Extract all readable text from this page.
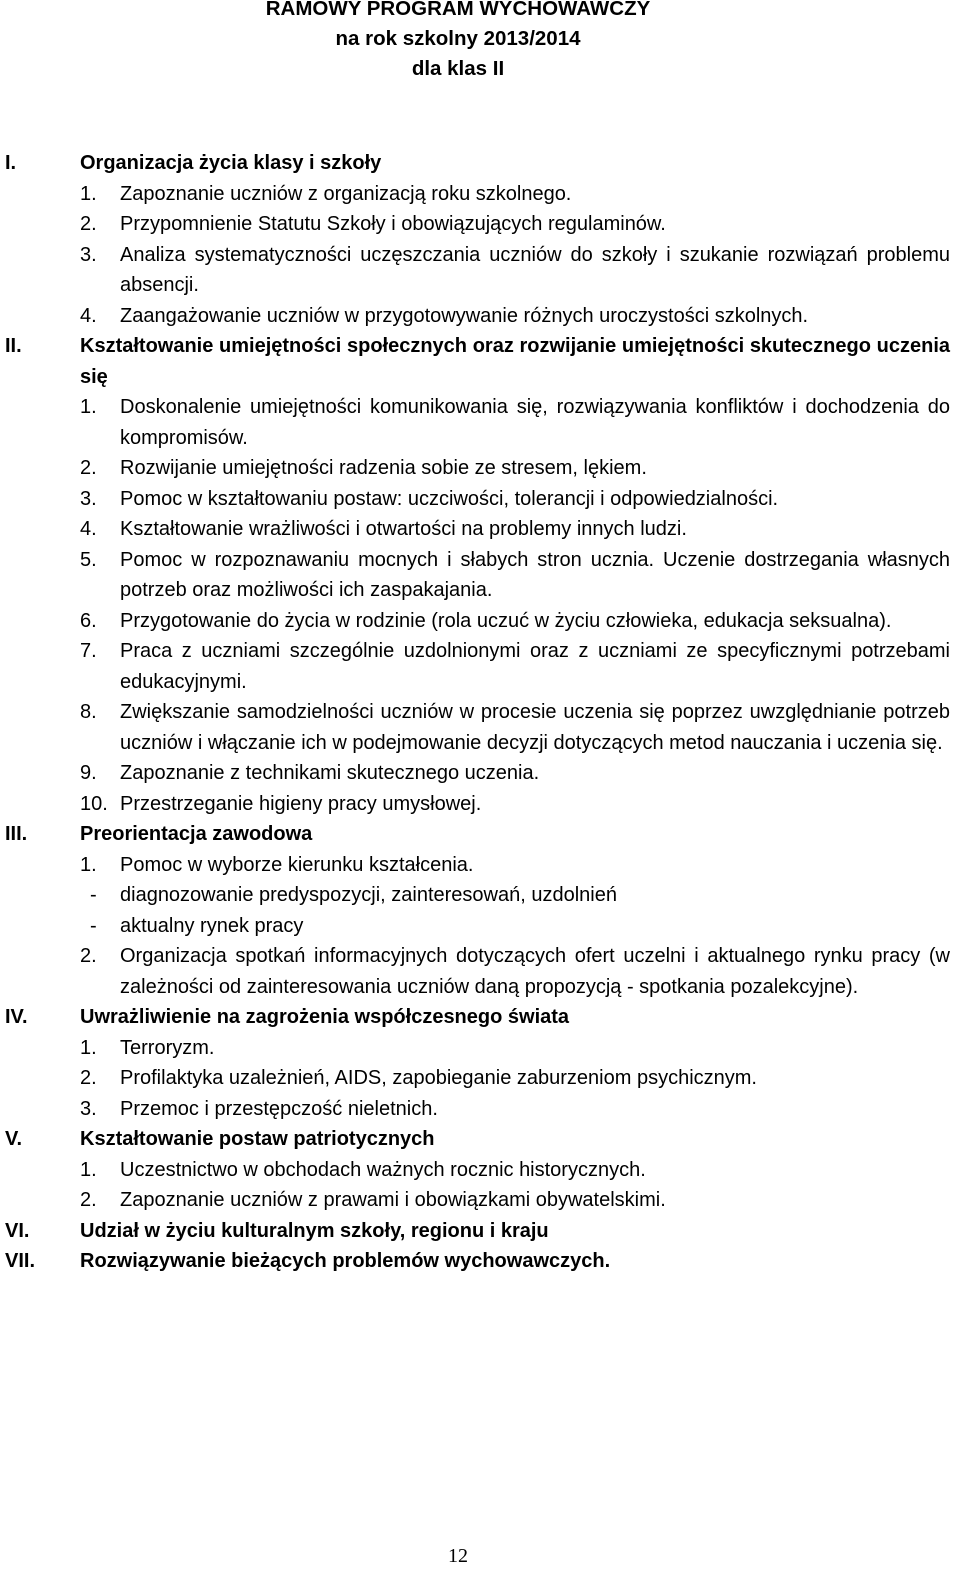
RAMOWY PROGRAM WYCHOWAWCZY
na rok szkolny 2013/2014
dla klas II
I.	Organizacja życia klasy i szkoły
1. Zapoznanie uczniów z organizacją roku szkolnego.
2. Przypomnienie Statutu Szkoły i obowiązujących regulaminów.
3. Analiza systematyczności uczęszczania uczniów do szkoły i szukanie rozwiązań problemu absencji.
4. Zaangażowanie uczniów w przygotowywanie różnych uroczystości szkolnych.
II.	Kształtowanie umiejętności społecznych oraz rozwijanie umiejętności skutecznego uczenia się
1. Doskonalenie umiejętności komunikowania się, rozwiązywania konfliktów i dochodzenia do kompromisów.
2. Rozwijanie umiejętności radzenia sobie ze stresem, lękiem.
3. Pomoc w kształtowaniu postaw: uczciwości, tolerancji i odpowiedzialności.
4. Kształtowanie wrażliwości i otwartości na problemy innych ludzi.
5. Pomoc w rozpoznawaniu mocnych i słabych stron ucznia. Uczenie dostrzegania własnych potrzeb oraz możliwości ich zaspakajania.
6. Przygotowanie do życia w rodzinie (rola uczuć w życiu człowieka, edukacja seksualna).
7. Praca z uczniami szczególnie uzdolnionymi oraz z uczniami ze specyficznymi potrzebami edukacyjnymi.
8. Zwiększanie samodzielności uczniów w procesie uczenia się poprzez uwzględnianie potrzeb uczniów i włączanie ich w podejmowanie decyzji dotyczących metod nauczania i uczenia się.
9. Zapoznanie z technikami skutecznego uczenia.
10. Przestrzeganie higieny pracy umysłowej.
III.	Preorientacja zawodowa
1. Pomoc w wyborze kierunku kształcenia.
- diagnozowanie predyspozycji, zainteresowań, uzdolnień
- aktualny rynek pracy
2. Organizacja spotkań informacyjnych dotyczących ofert uczelni i aktualnego rynku pracy (w zależności od zainteresowania uczniów daną propozycją - spotkania pozalekcyjne).
IV.	Uwrażliwienie na zagrożenia współczesnego świata
1. Terroryzm.
2. Profilaktyka uzależnień, AIDS, zapobieganie zaburzeniom psychicznym.
3. Przemoc i przestępczość nieletnich.
V.	Kształtowanie postaw patriotycznych
1. Uczestnictwo w obchodach ważnych rocznic historycznych.
2. Zapoznanie uczniów z prawami i obowiązkami obywatelskimi.
VI.	Udział w życiu kulturalnym szkoły, regionu i kraju
VII. Rozwiązywanie bieżących problemów wychowawczych.
12
